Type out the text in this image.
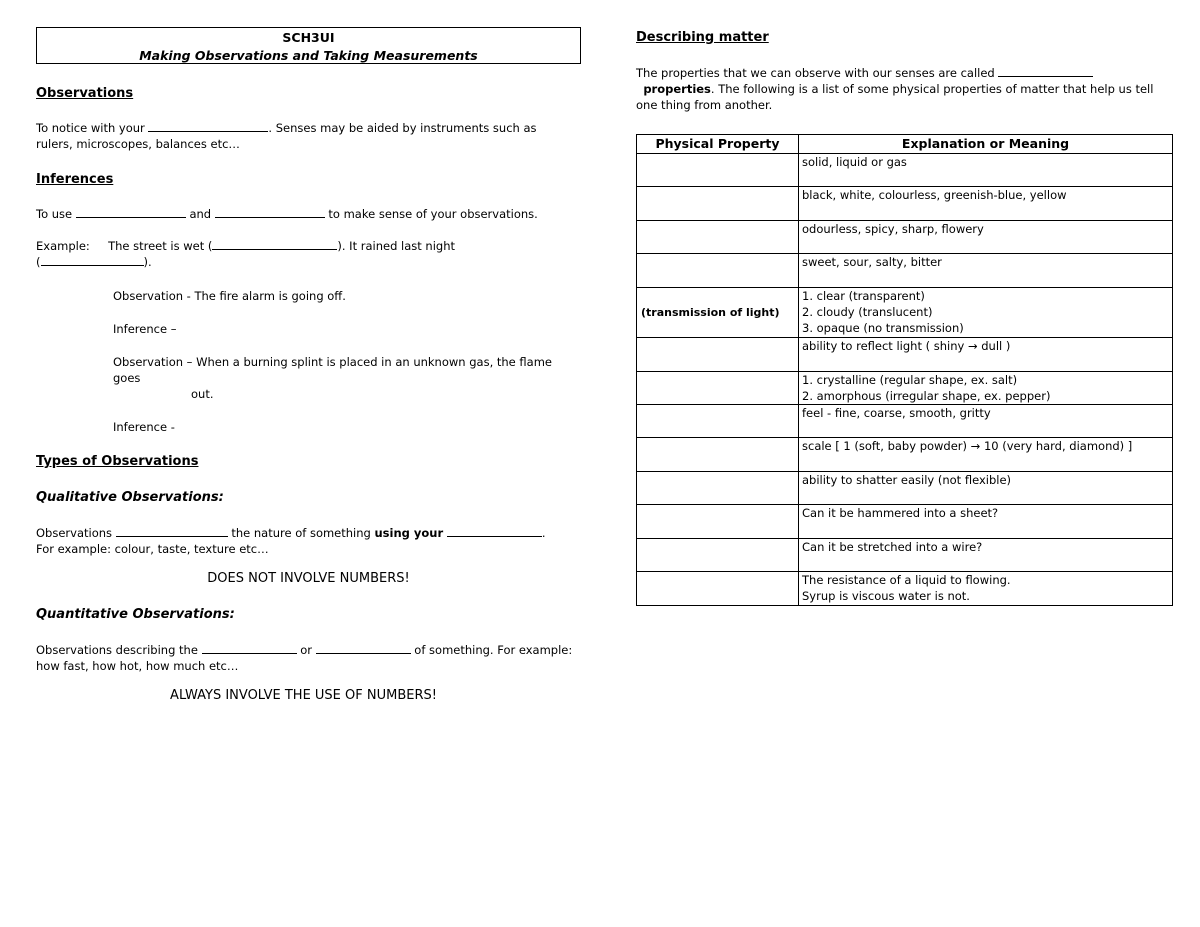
SCH3UI
Making Observations and Taking Measurements
Observations

To notice with your	. Senses may be aided by instruments such as rulers, microscopes, balances etc…

Inferences

To use	and	to make sense of your observations.

Example: The street is wet (	). It rained last night
(	).

Observation - The fire alarm is going off.

Inference –

Observation – When a burning splint is placed in an unknown gas, the flame goes
out.

Inference -

Types of Observations
Qualitative Observations:

Observations	the nature of something using your	. For example: colour, taste, texture etc…

DOES NOT INVOLVE NUMBERS!
Quantitative Observations:

Observations describing the	or	of something. For example: how fast, how hot, how much etc…

ALWAYS INVOLVE THE USE OF NUMBERS!
Describing matter

The properties that we can observe with our senses are called   properties. The following is a list of some physical properties of matter that help us tell one thing from another.

Physical Property	Explanation or Meaning

	solid, liquid or gas

	black, white, colourless, greenish-blue, yellow

	odourless, spicy, sharp, flowery

	sweet, sour, salty, bitter

(transmission of light)	1. clear (transparent)
2. cloudy (translucent)
3. opaque (no transmission)

	ability to reflect light ( shiny → dull )

	1. crystalline (regular shape, ex. salt)
2. amorphous (irregular shape, ex. pepper)

	feel - fine, coarse, smooth, gritty

	scale [ 1 (soft, baby powder) → 10 (very hard, diamond) ]

	ability to shatter easily (not flexible)

	Can it be hammered into a sheet?

	Can it be stretched into a wire?

	The resistance of a liquid to flowing.
Syrup is viscous water is not.
